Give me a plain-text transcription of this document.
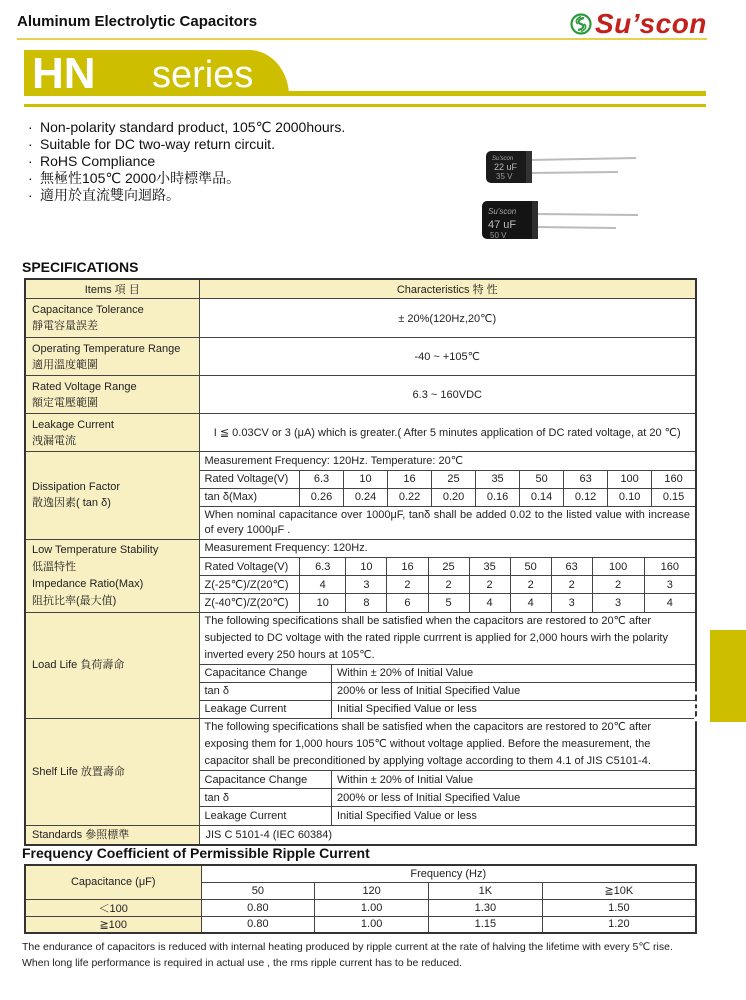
Aluminum Electrolytic Capacitors	Su’scon
HN series
· Non-polarity standard product, 105℃ 2000hours.
· Suitable for DC two-way return circuit.
· RoHS Compliance
· 無極性105℃ 2000小時標準品。
· 適用於直流雙向迴路。
Su'scon
22 uF
35 V
Su'scon
47 uF
50 V
SPECIFICATIONS
Items 項 目	Characteristics 特 性
Capacitance Tolerance
靜電容量誤差	± 20%(120Hz,20℃)
Operating Temperature Range
適用溫度範圍	-40 ~ +105℃
Rated Voltage Range
額定電壓範圍	6.3 ~ 160VDC
Leakage Current
洩漏電流	I ≦ 0.03CV or 3 (μA) which is greater.( After 5 minutes application of DC rated voltage, at 20 ℃)
Dissipation Factor
散逸因素( tan δ)	
Measurement Frequency: 120Hz. Temperature: 20℃
Rated Voltage(V)	6.3	10	16	25	35	50	63	100	160
tan δ(Max)	0.26	0.24	0.22	0.20	0.16	0.14	0.12	0.10	0.15
When nominal capacitance over 1000μF, tanδ shall be added 0.02 to the listed value with increase of every 1000μF .

Low Temperature Stability
低溫特性
Impedance Ratio(Max)
阻抗比率(最大值)	
Measurement Frequency: 120Hz.
Rated Voltage(V)	6.3	10	16	25	35	50	63	100	160
Z(-25℃)/Z(20℃)	4	3	2	2	2	2	2	2	3
Z(-40℃)/Z(20℃)	10	8	6	5	4	4	3	3	4

Load Life 負荷壽命	
The following specifications shall be satisfied when the capacitors are restored to 20℃ after subjected to DC voltage with the rated ripple currrent is applied for 2,000 hours wirh the polarity inverted every 250 hours at 105℃.
Capacitance Change	Within ± 20% of Initial Value
tan δ	200% or less of Initial Specified Value
Leakage Current	Initial Specified Value or less

Shelf Life 放置壽命	
The following specifications shall be satisfied when the capacitors are restored to 20℃ after exposing them for 1,000 hours 105℃ without voltage applied. Before the measurement, the capacitor shall be preconditioned by applying voltage according to them 4.1 of JIS C5101-4.
Capacitance Change	Within ± 20% of Initial Value
tan δ	200% or less of Initial Specified Value
Leakage Current	Initial Specified Value or less

Standards 參照標準	JIS C 5101-4 (IEC 60384)
HN
Frequency Coefficient of Permissible Ripple Current
Capacitance (μF)	Frequency (Hz)			
	50	120	1K	≧10K
＜100	0.80	1.00	1.30	1.50
≧100	0.80	1.00	1.15	1.20
The endurance of capacitors is reduced with internal heating produced by ripple current at the rate of halving the lifetime with every 5℃ rise.
When long life performance is required in actual use , the rms ripple current has to be reduced.
